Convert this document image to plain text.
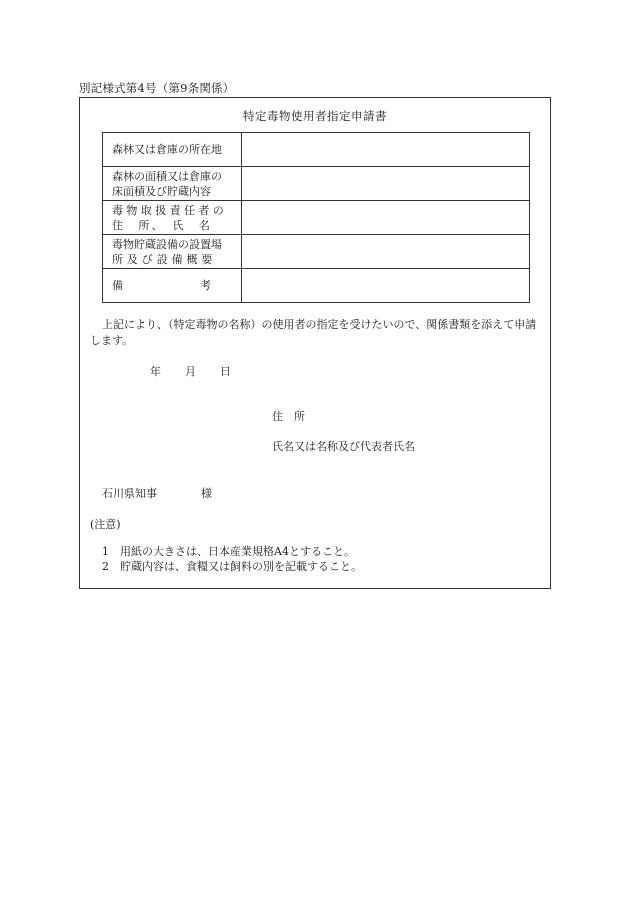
別記様式第4号（第9条関係）
特定毒物使用者指定申請書
森林又は倉庫の所在地	

森林の面積又は倉庫の
床面積及び貯蔵内容	

毒物取扱責任者の
住　所、　氏　名	

毒物貯蔵設備の設置場
所及び設備概要	

備　　　　　　　考	

上記により、（特定毒物の名称）の使用者の指定を受けたいので、関係書類を添えて申請します。
年 月 日
住　所
氏名又は名称及び代表者氏名
石川県知事	様
(注意)
1 用紙の大きさは、日本産業規格A4とすること。
2 貯蔵内容は、食糧又は飼料の別を記載すること。
